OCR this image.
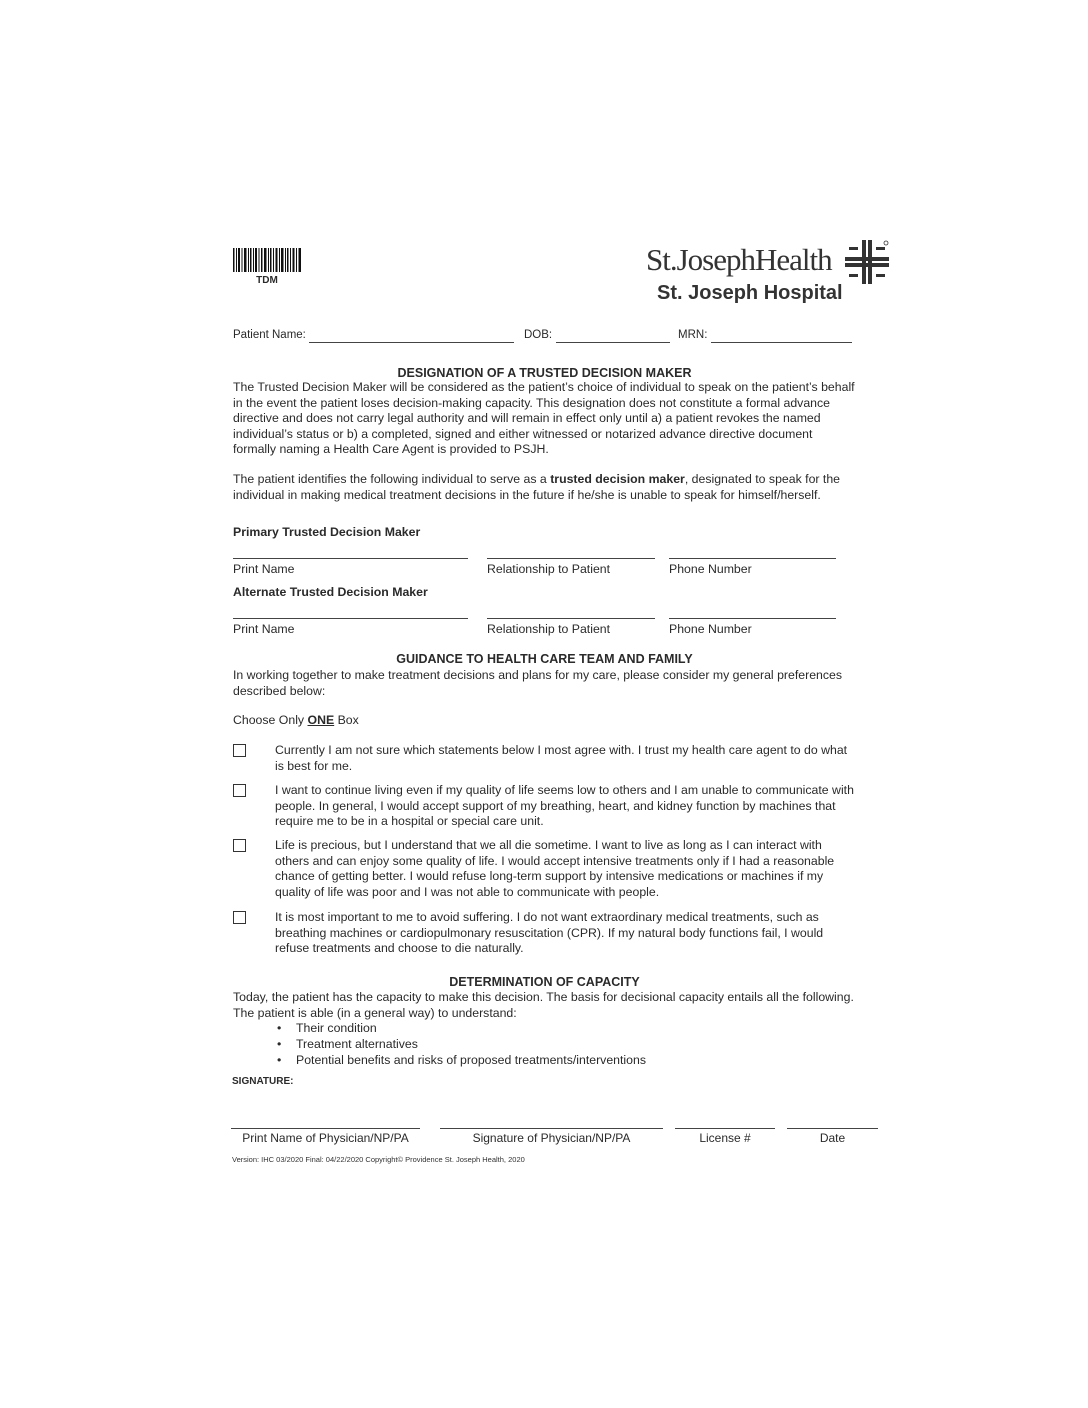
TDM
St.JosephHealth
St. Joseph Hospital
Patient Name:	DOB:	MRN:
DESIGNATION OF A TRUSTED DECISION MAKER
The Trusted Decision Maker will be considered as the patient’s choice of individual to speak on the patient’s behalf in the event the patient loses decision-making capacity. This designation does not constitute a formal advance directive and does not carry legal authority and will remain in effect only until a) a patient revokes the named individual’s status or b) a completed, signed and either witnessed or notarized advance directive document formally naming a Health Care Agent is provided to PSJH.
The patient identifies the following individual to serve as a trusted decision maker, designated to speak for the individual in making medical treatment decisions in the future if he/she is unable to speak for himself/herself.
Primary Trusted Decision Maker
Print Name	Relationship to Patient	Phone Number
Alternate Trusted Decision Maker
Print Name	Relationship to Patient	Phone Number
GUIDANCE TO HEALTH CARE TEAM AND FAMILY
In working together to make treatment decisions and plans for my care, please consider my general preferences described below:
Choose Only ONE Box
Currently I am not sure which statements below I most agree with. I trust my health care agent to do what is best for me.
I want to continue living even if my quality of life seems low to others and I am unable to communicate with people. In general, I would accept support of my breathing, heart, and kidney function by machines that require me to be in a hospital or special care unit.
Life is precious, but I understand that we all die sometime. I want to live as long as I can interact with others and can enjoy some quality of life. I would accept intensive treatments only if I had a reasonable chance of getting better. I would refuse long-term support by intensive medications or machines if my quality of life was poor and I was not able to communicate with people.
It is most important to me to avoid suffering. I do not want extraordinary medical treatments, such as breathing machines or cardiopulmonary resuscitation (CPR). If my natural body functions fail, I would refuse treatments and choose to die naturally.
DETERMINATION OF CAPACITY
Today, the patient has the capacity to make this decision. The basis for decisional capacity entails all the following. The patient is able (in a general way) to understand:
• Their condition
• Treatment alternatives
• Potential benefits and risks of proposed treatments/interventions
SIGNATURE:
Print Name of Physician/NP/PA	Signature of Physician/NP/PA	License #	Date
Version: IHC 03/2020 Final: 04/22/2020 Copyright© Providence St. Joseph Health, 2020
